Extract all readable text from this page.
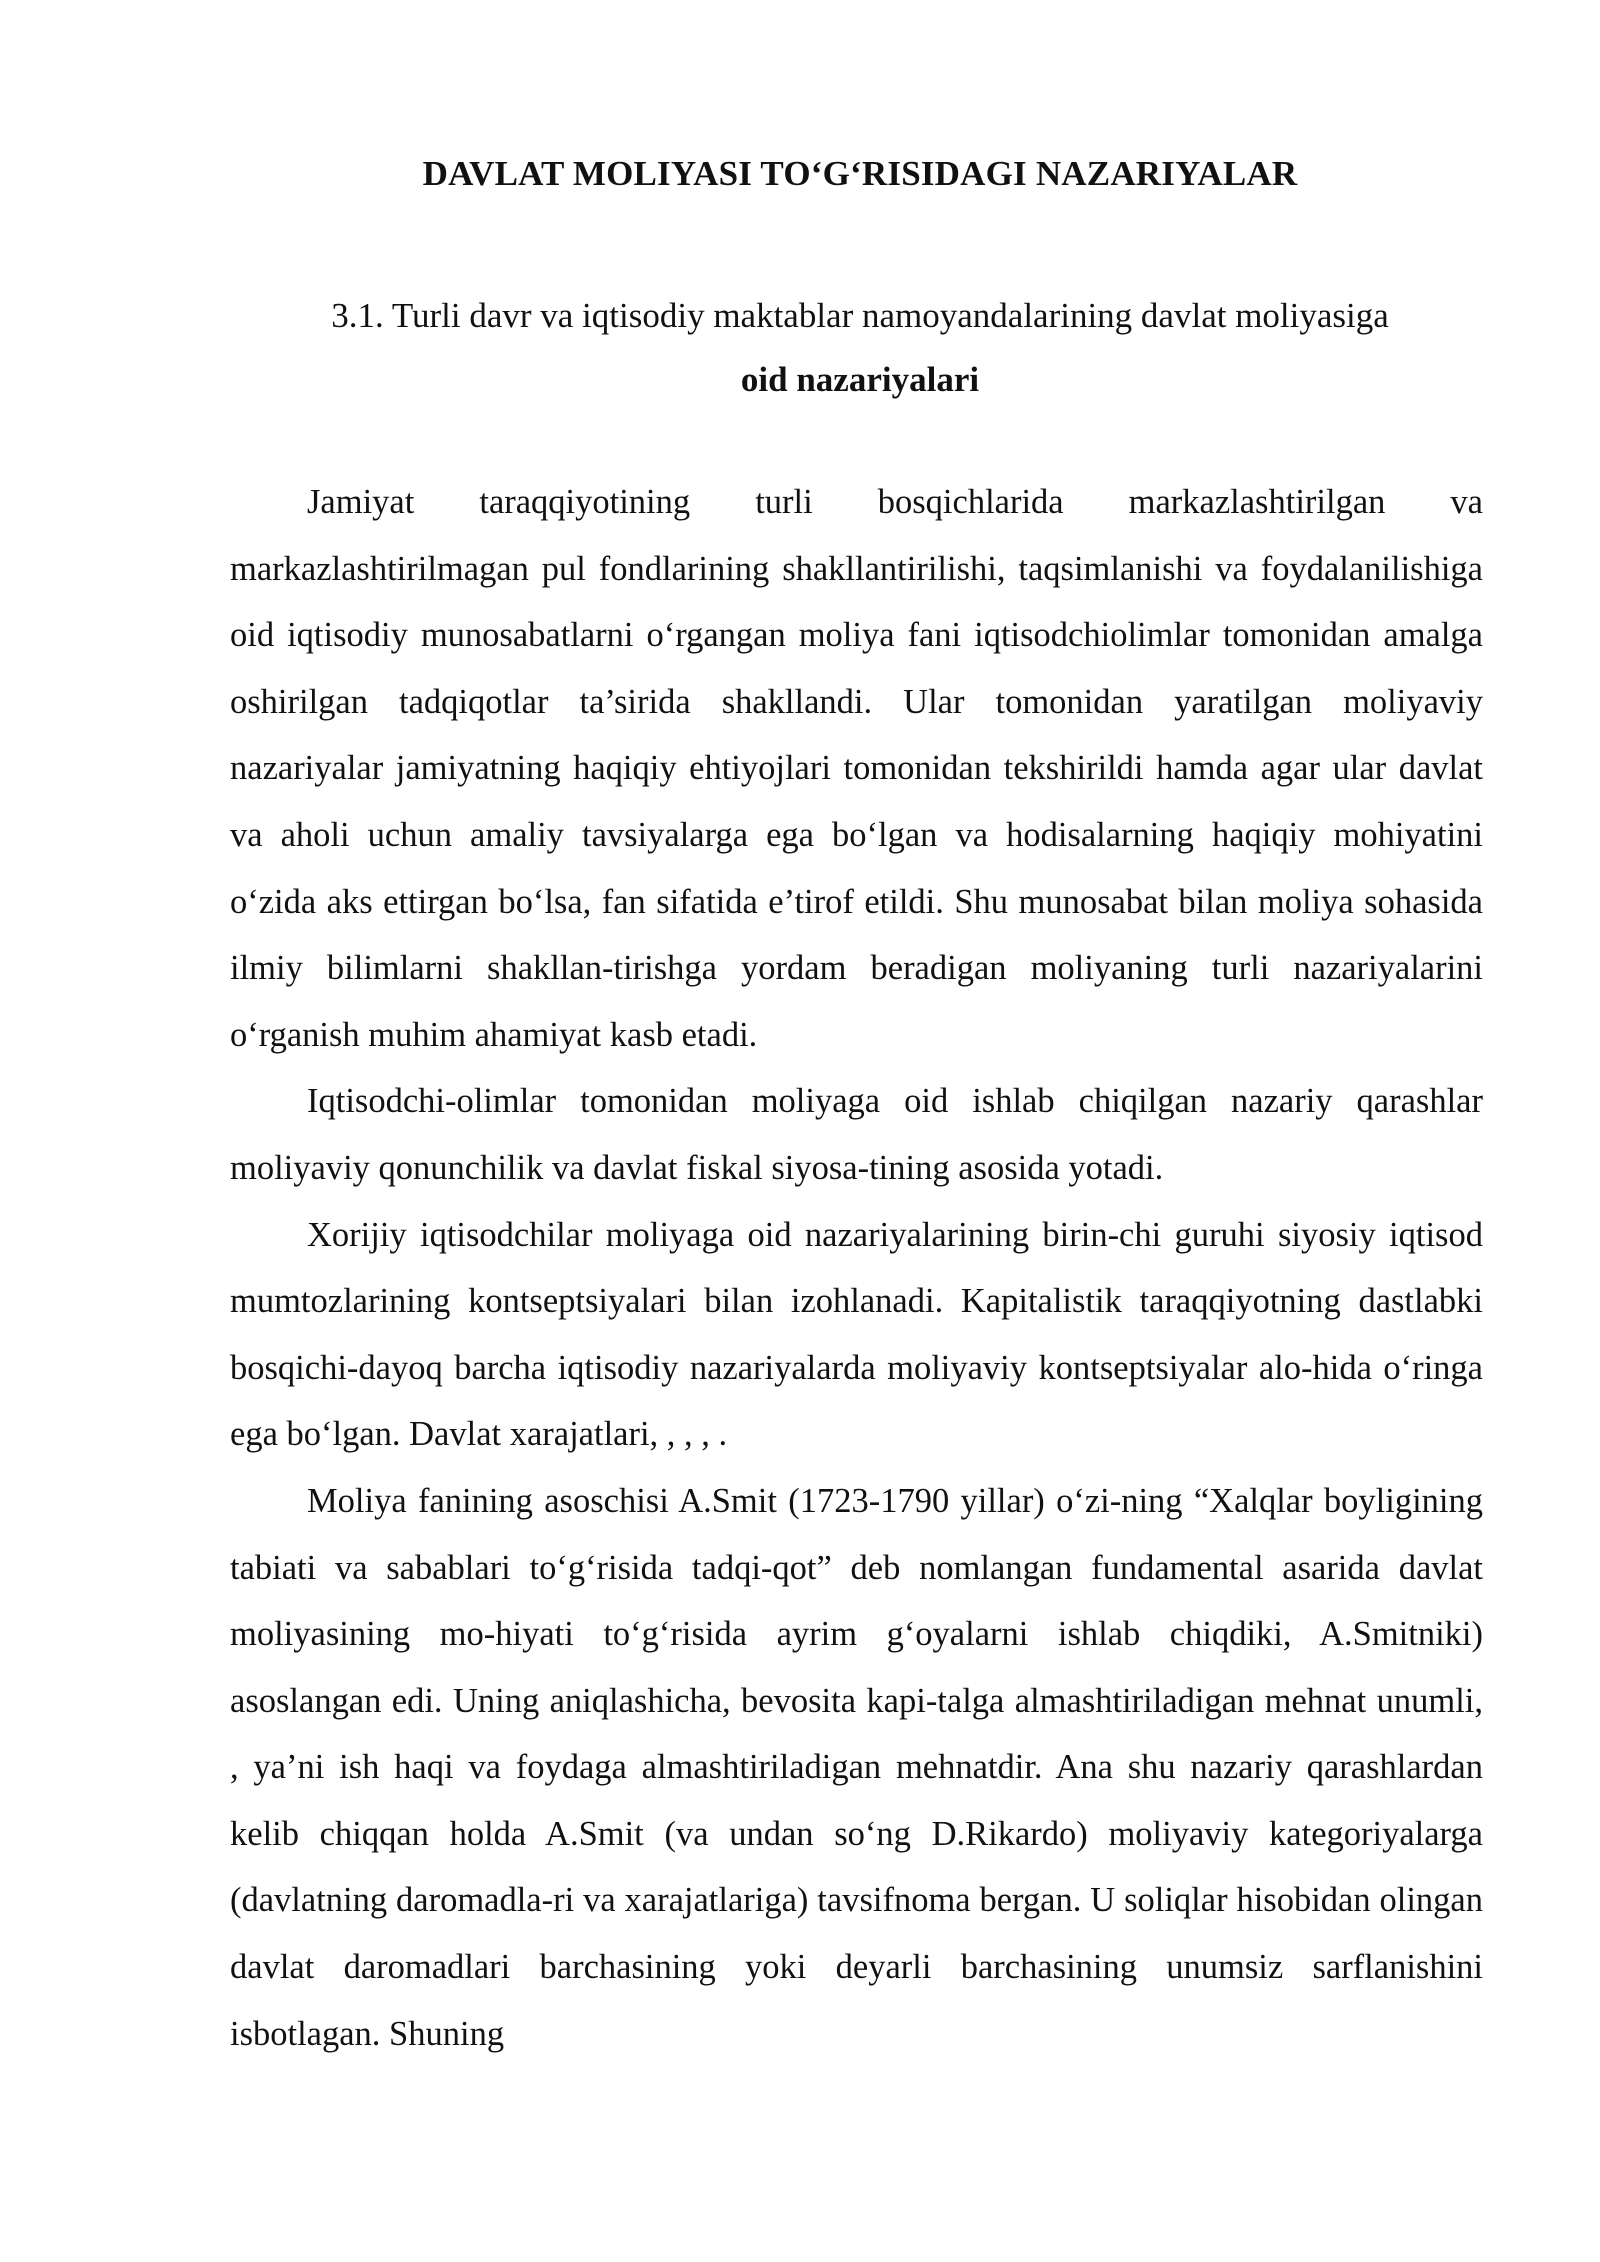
DAVLAT MOLIYASI TO‘G‘RISIDAGI NAZARIYALAR
3.1. Turli davr va iqtisodiy maktablar namoyandalarining davlat moliyasiga
oid nazariyalari

Jamiyat taraqqiyotining turli bosqichlarida markazlashtirilgan va markazlashtirilmagan pul fondlarining shakllantirilishi, taqsimlanishi va foydalanilishiga oid iqtisodiy munosabatlarni o‘rgangan moliya fani iqtisodchiolimlar tomonidan amalga oshirilgan tadqiqotlar ta’sirida shakllandi. Ular tomonidan yaratilgan moliyaviy nazariyalar jamiyatning haqiqiy ehtiyojlari tomonidan tekshirildi hamda agar ular davlat va aholi uchun amaliy tavsiyalarga ega bo‘lgan va hodisalarning haqiqiy mohiyatini o‘zida aks ettirgan bo‘lsa, fan sifatida e’tirof etildi. Shu munosabat bilan moliya sohasida ilmiy bilimlarni shakllan-tirishga yordam beradigan moliyaning turli nazariyalarini o‘rganish muhim ahamiyat kasb etadi.

Iqtisodchi-olimlar tomonidan moliyaga oid ishlab chiqilgan nazariy qarashlar moliyaviy qonunchilik va davlat fiskal siyosa-tining asosida yotadi.

Xorijiy iqtisodchilar moliyaga oid nazariyalarining birin-chi guruhi siyosiy iqtisod mumtozlarining kontseptsiyalari bilan izohlanadi. Kapitalistik taraqqiyotning dastlabki bosqichi-dayoq barcha iqtisodiy nazariyalarda moliyaviy kontseptsiyalar alo-hida o‘ringa ega bo‘lgan. Davlat xarajatlari, , , , .

Moliya fanining asoschisi A.Smit (1723-1790 yillar) o‘zi-ning “Xalqlar boyligining tabiati va sabablari to‘g‘risida tadqi-qot” deb nomlangan fundamental asarida davlat moliyasining mo-hiyati to‘g‘risida ayrim g‘oyalarni ishlab chiqdiki, A.Smitniki) asoslangan edi. Uning aniqlashicha, bevosita kapi-talga almashtiriladigan mehnat unumli, , ya’ni ish haqi va foydaga almashtiriladigan mehnatdir. Ana shu nazariy qarashlardan kelib chiqqan holda A.Smit (va undan so‘ng D.Rikardo) moliyaviy kategoriyalarga (davlatning daromadla-ri va xarajatlariga) tavsifnoma bergan. U soliqlar hisobidan olingan davlat daromadlari barchasining yoki deyarli barchasining unumsiz sarflanishini isbotlagan. Shuning
